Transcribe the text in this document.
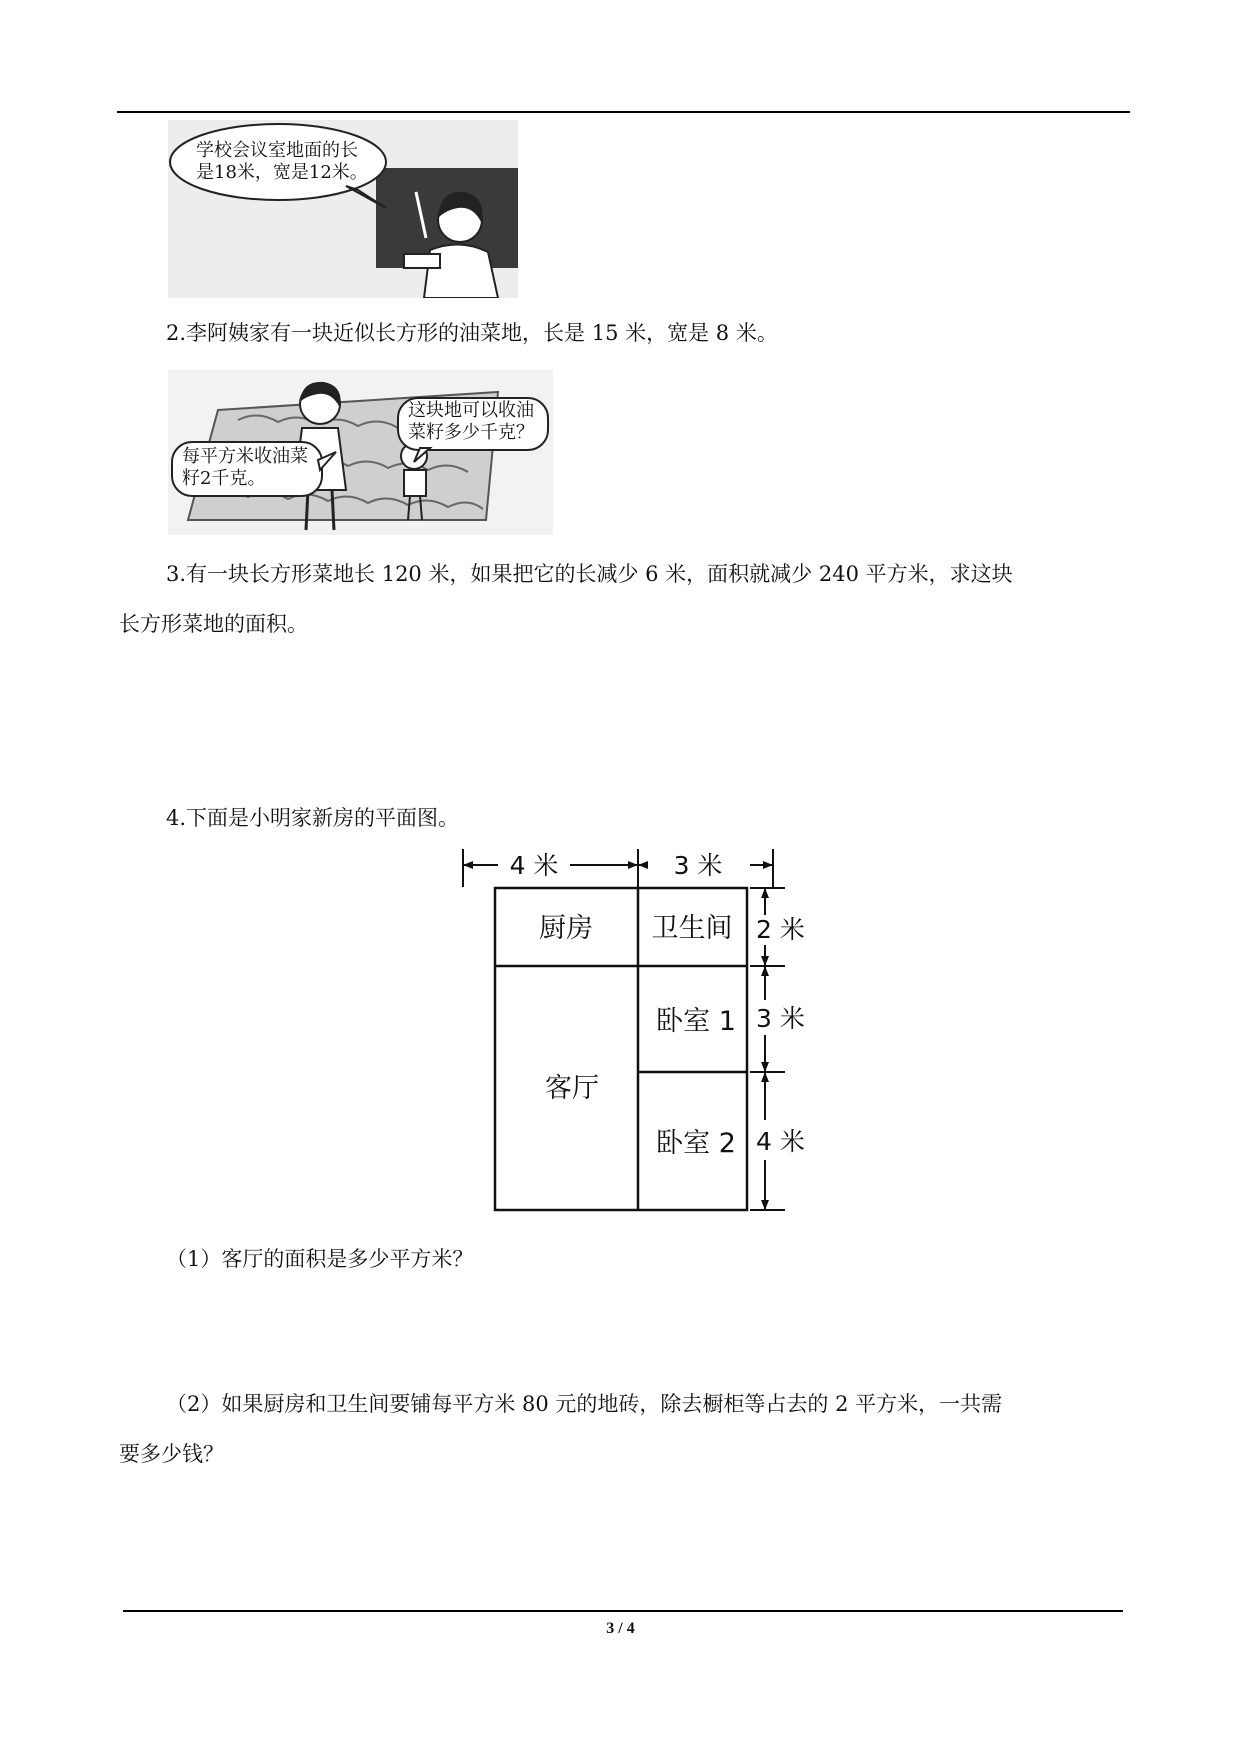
学校会议室地面的长
是18米，宽是12米。
2.李阿姨家有一块近似长方形的油菜地，长是 15 米，宽是 8 米。
这块地可以收油
菜籽多少千克？
每平方米收油菜
籽2千克。
3.有一块长方形菜地长 120 米，如果把它的长减少 6 米，面积就减少 240 平方米，求这块
长方形菜地的面积。
4.下面是小明家新房的平面图。
4 米	3 米
厨房 卫生间
客厅
卧室 1
卧室 2
2 米
3 米
4 米
（1）客厅的面积是多少平方米？
（2）如果厨房和卫生间要铺每平方米 80 元的地砖，除去橱柜等占去的 2 平方米，一共需
要多少钱？
3 / 4
